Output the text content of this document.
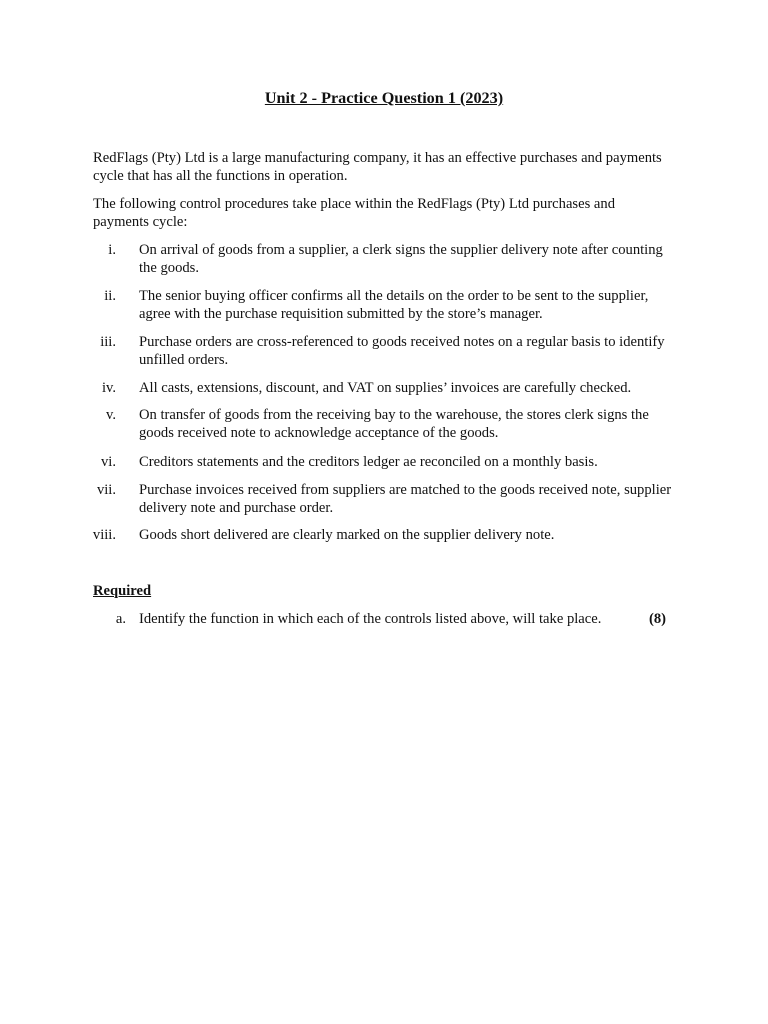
Unit 2 - Practice Question 1 (2023)

RedFlags (Pty) Ltd is a large manufacturing company, it has an effective purchases and payments cycle that has all the functions in operation.

The following control procedures take place within the RedFlags (Pty) Ltd purchases and payments cycle:

i. On arrival of goods from a supplier, a clerk signs the supplier delivery note after counting the goods.
ii. The senior buying officer confirms all the details on the order to be sent to the supplier, agree with the purchase requisition submitted by the store’s manager.
iii. Purchase orders are cross-referenced to goods received notes on a regular basis to identify unfilled orders.
iv. All casts, extensions, discount, and VAT on supplies’ invoices are carefully checked.
v. On transfer of goods from the receiving bay to the warehouse, the stores clerk signs the goods received note to acknowledge acceptance of the goods.
vi. Creditors statements and the creditors ledger ae reconciled on a monthly basis.
vii. Purchase invoices received from suppliers are matched to the goods received note, supplier delivery note and purchase order.
viii. Goods short delivered are clearly marked on the supplier delivery note.
Required
a. Identify the function in which each of the controls listed above, will take place.	(8)
